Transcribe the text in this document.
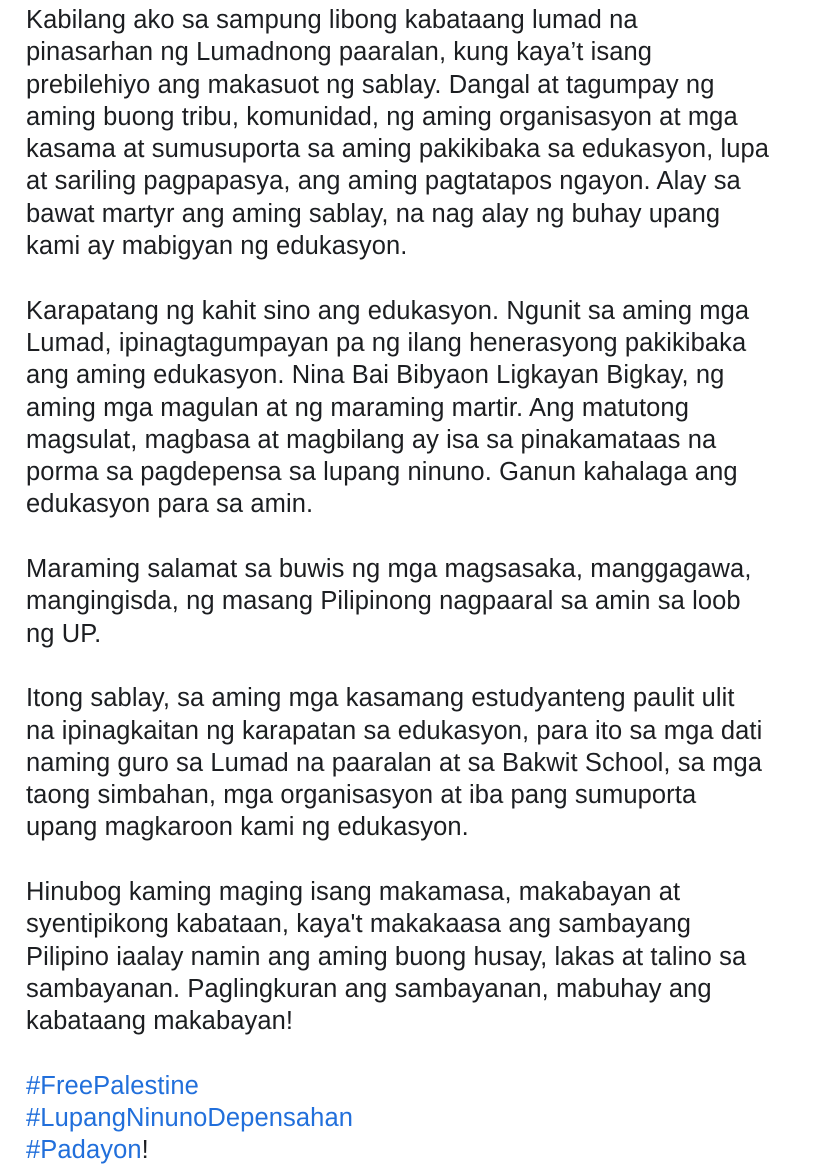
Kabilang ako sa sampung libong kabataang lumad na
pinasarhan ng Lumadnong paaralan, kung kaya’t isang
prebilehiyo ang makasuot ng sablay. Dangal at tagumpay ng
aming buong tribu, komunidad, ng aming organisasyon at mga
kasama at sumusuporta sa aming pakikibaka sa edukasyon, lupa
at sariling pagpapasya, ang aming pagtatapos ngayon. Alay sa
bawat martyr ang aming sablay, na nag alay ng buhay upang
kami ay mabigyan ng edukasyon.

Karapatang ng kahit sino ang edukasyon. Ngunit sa aming mga
Lumad, ipinagtagumpayan pa ng ilang henerasyong pakikibaka
ang aming edukasyon. Nina Bai Bibyaon Ligkayan Bigkay, ng
aming mga magulan at ng maraming martir. Ang matutong
magsulat, magbasa at magbilang ay isa sa pinakamataas na
porma sa pagdepensa sa lupang ninuno. Ganun kahalaga ang
edukasyon para sa amin.

Maraming salamat sa buwis ng mga magsasaka, manggagawa,
mangingisda, ng masang Pilipinong nagpaaral sa amin sa loob
ng UP.

Itong sablay, sa aming mga kasamang estudyanteng paulit ulit
na ipinagkaitan ng karapatan sa edukasyon, para ito sa mga dati
naming guro sa Lumad na paaralan at sa Bakwit School, sa mga
taong simbahan, mga organisasyon at iba pang sumuporta
upang magkaroon kami ng edukasyon.

Hinubog kaming maging isang makamasa, makabayan at
syentipikong kabataan, kaya't makakaasa ang sambayang
Pilipino iaalay namin ang aming buong husay, lakas at talino sa
sambayanan. Paglingkuran ang sambayanan, mabuhay ang
kabataang makabayan!

#FreePalestine
#LupangNinunoDepensahan
#Padayon!
